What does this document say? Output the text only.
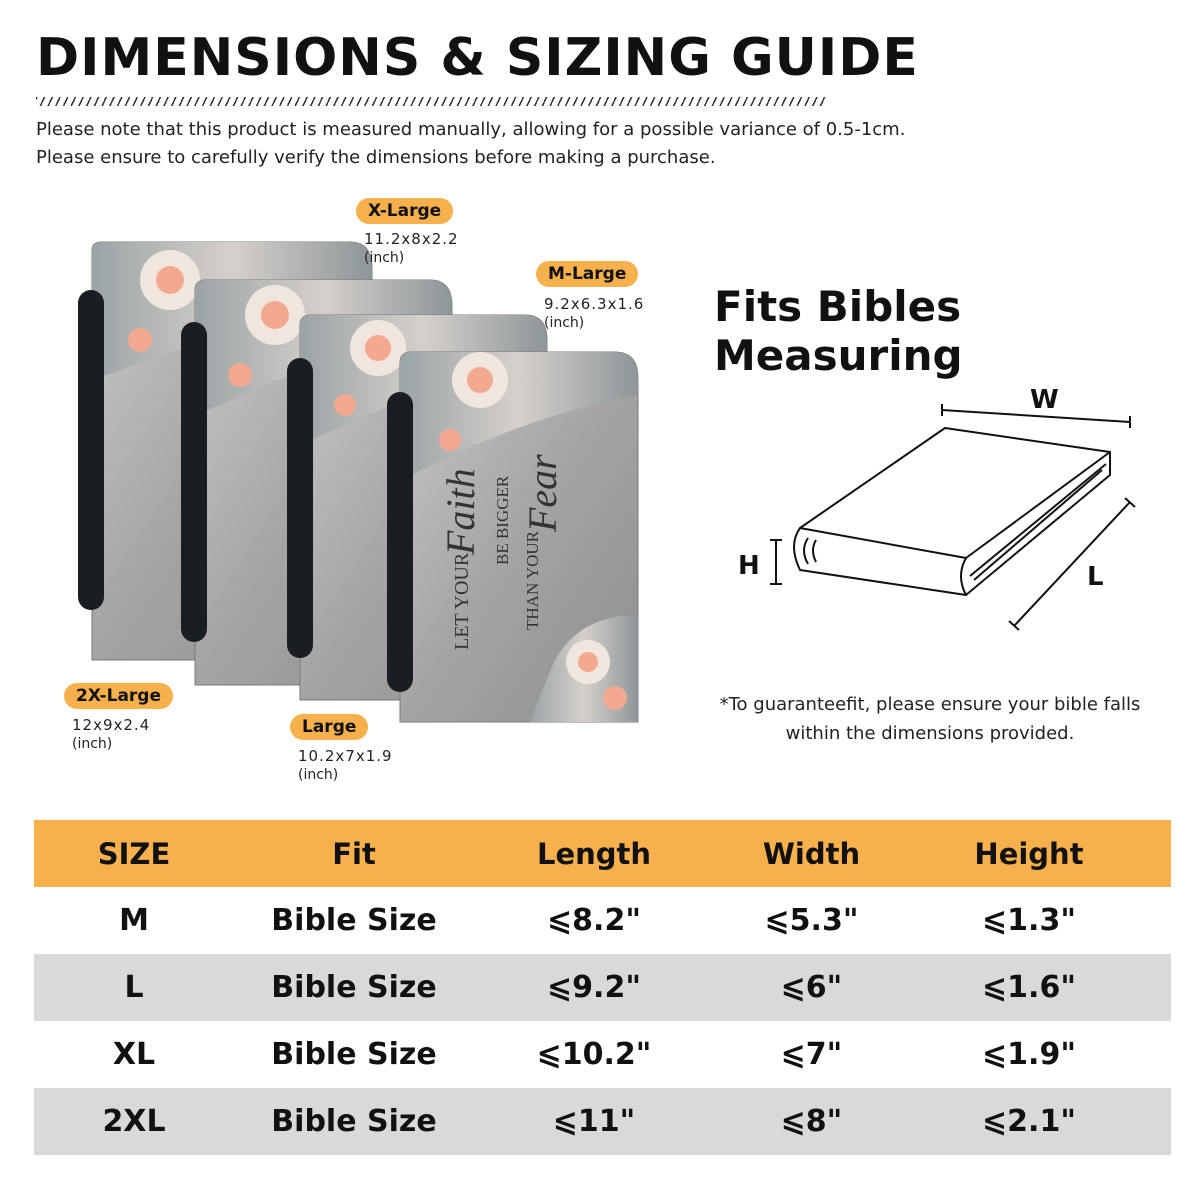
DIMENSIONS & SIZING GUIDE
Please note that this product is measured manually, allowing for a possible variance of 0.5-1cm.
Please ensure to carefully verify the dimensions before making a purchase.
LET YOUR
Faith BE BIGGER
THAN YOUR
Fear
X-Large
11.2x8x2.2
(inch)
M-Large
9.2x6.3x1.6
(inch)
2X-Large
12x9x2.4
(inch)
Large
10.2x7x1.9
(inch)
Fits Bibles Measuring
W
H	L
*To guaranteefit, please ensure your bible falls
within the dimensions provided.
SIZE	Fit	Length	Width	Height
M	Bible Size	⩽8.2"	⩽5.3"	⩽1.3"
L	Bible Size	⩽9.2"	⩽6"	⩽1.6"
XL	Bible Size	⩽10.2"	⩽7"	⩽1.9"
2XL	Bible Size	⩽11"	⩽8"	⩽2.1"
